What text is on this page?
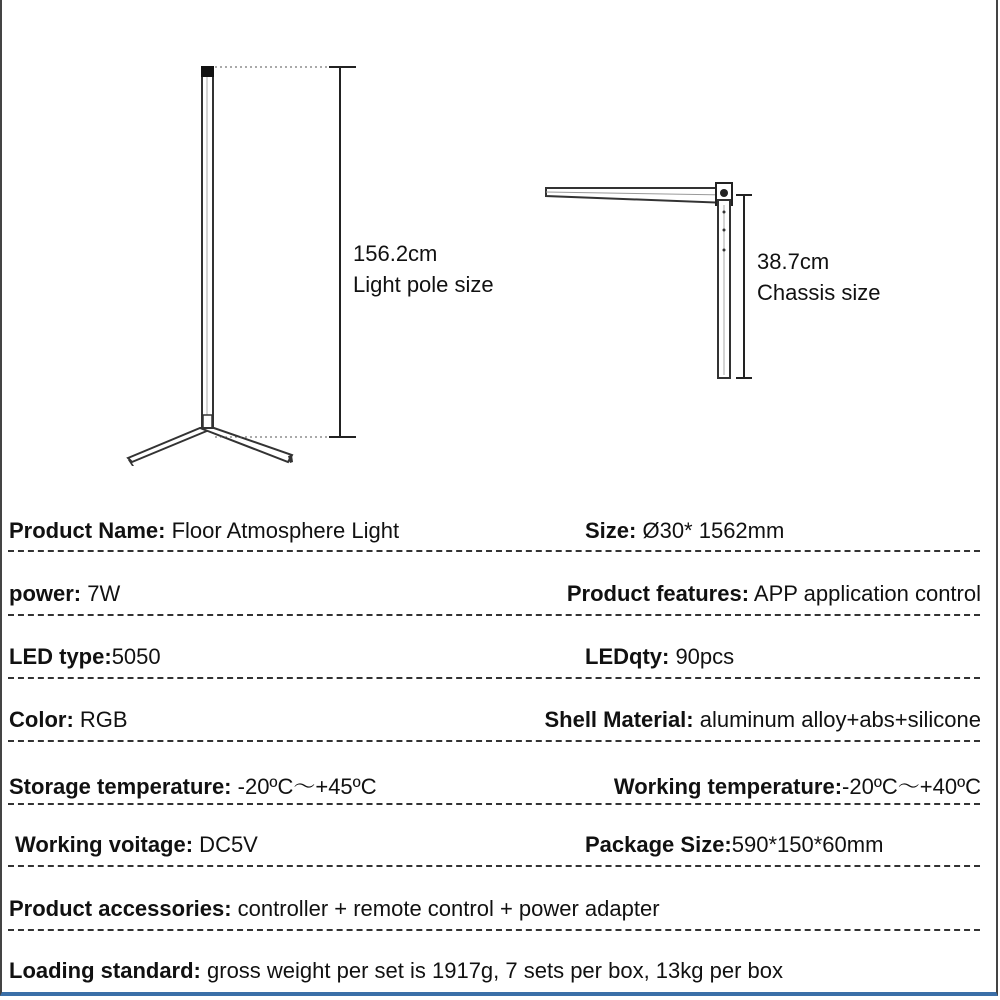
156.2cm
Light pole size
38.7cm
Chassis size
Product Name: Floor Atmosphere Light	Size: Ø30* 1562mm
power: 7W	Product features: APP application control
LED type:5050	LEDqty: 90pcs
Color: RGB	Shell Material: aluminum alloy+abs+silicone
Storage temperature: -20ºC～+45ºC	Working temperature:-20ºC～+40ºC
Working voitage: DC5V	Package Size:590*150*60mm
Product accessories: controller + remote control + power adapter
Loading standard: gross weight per set is 1917g, 7 sets per box, 13kg per box
